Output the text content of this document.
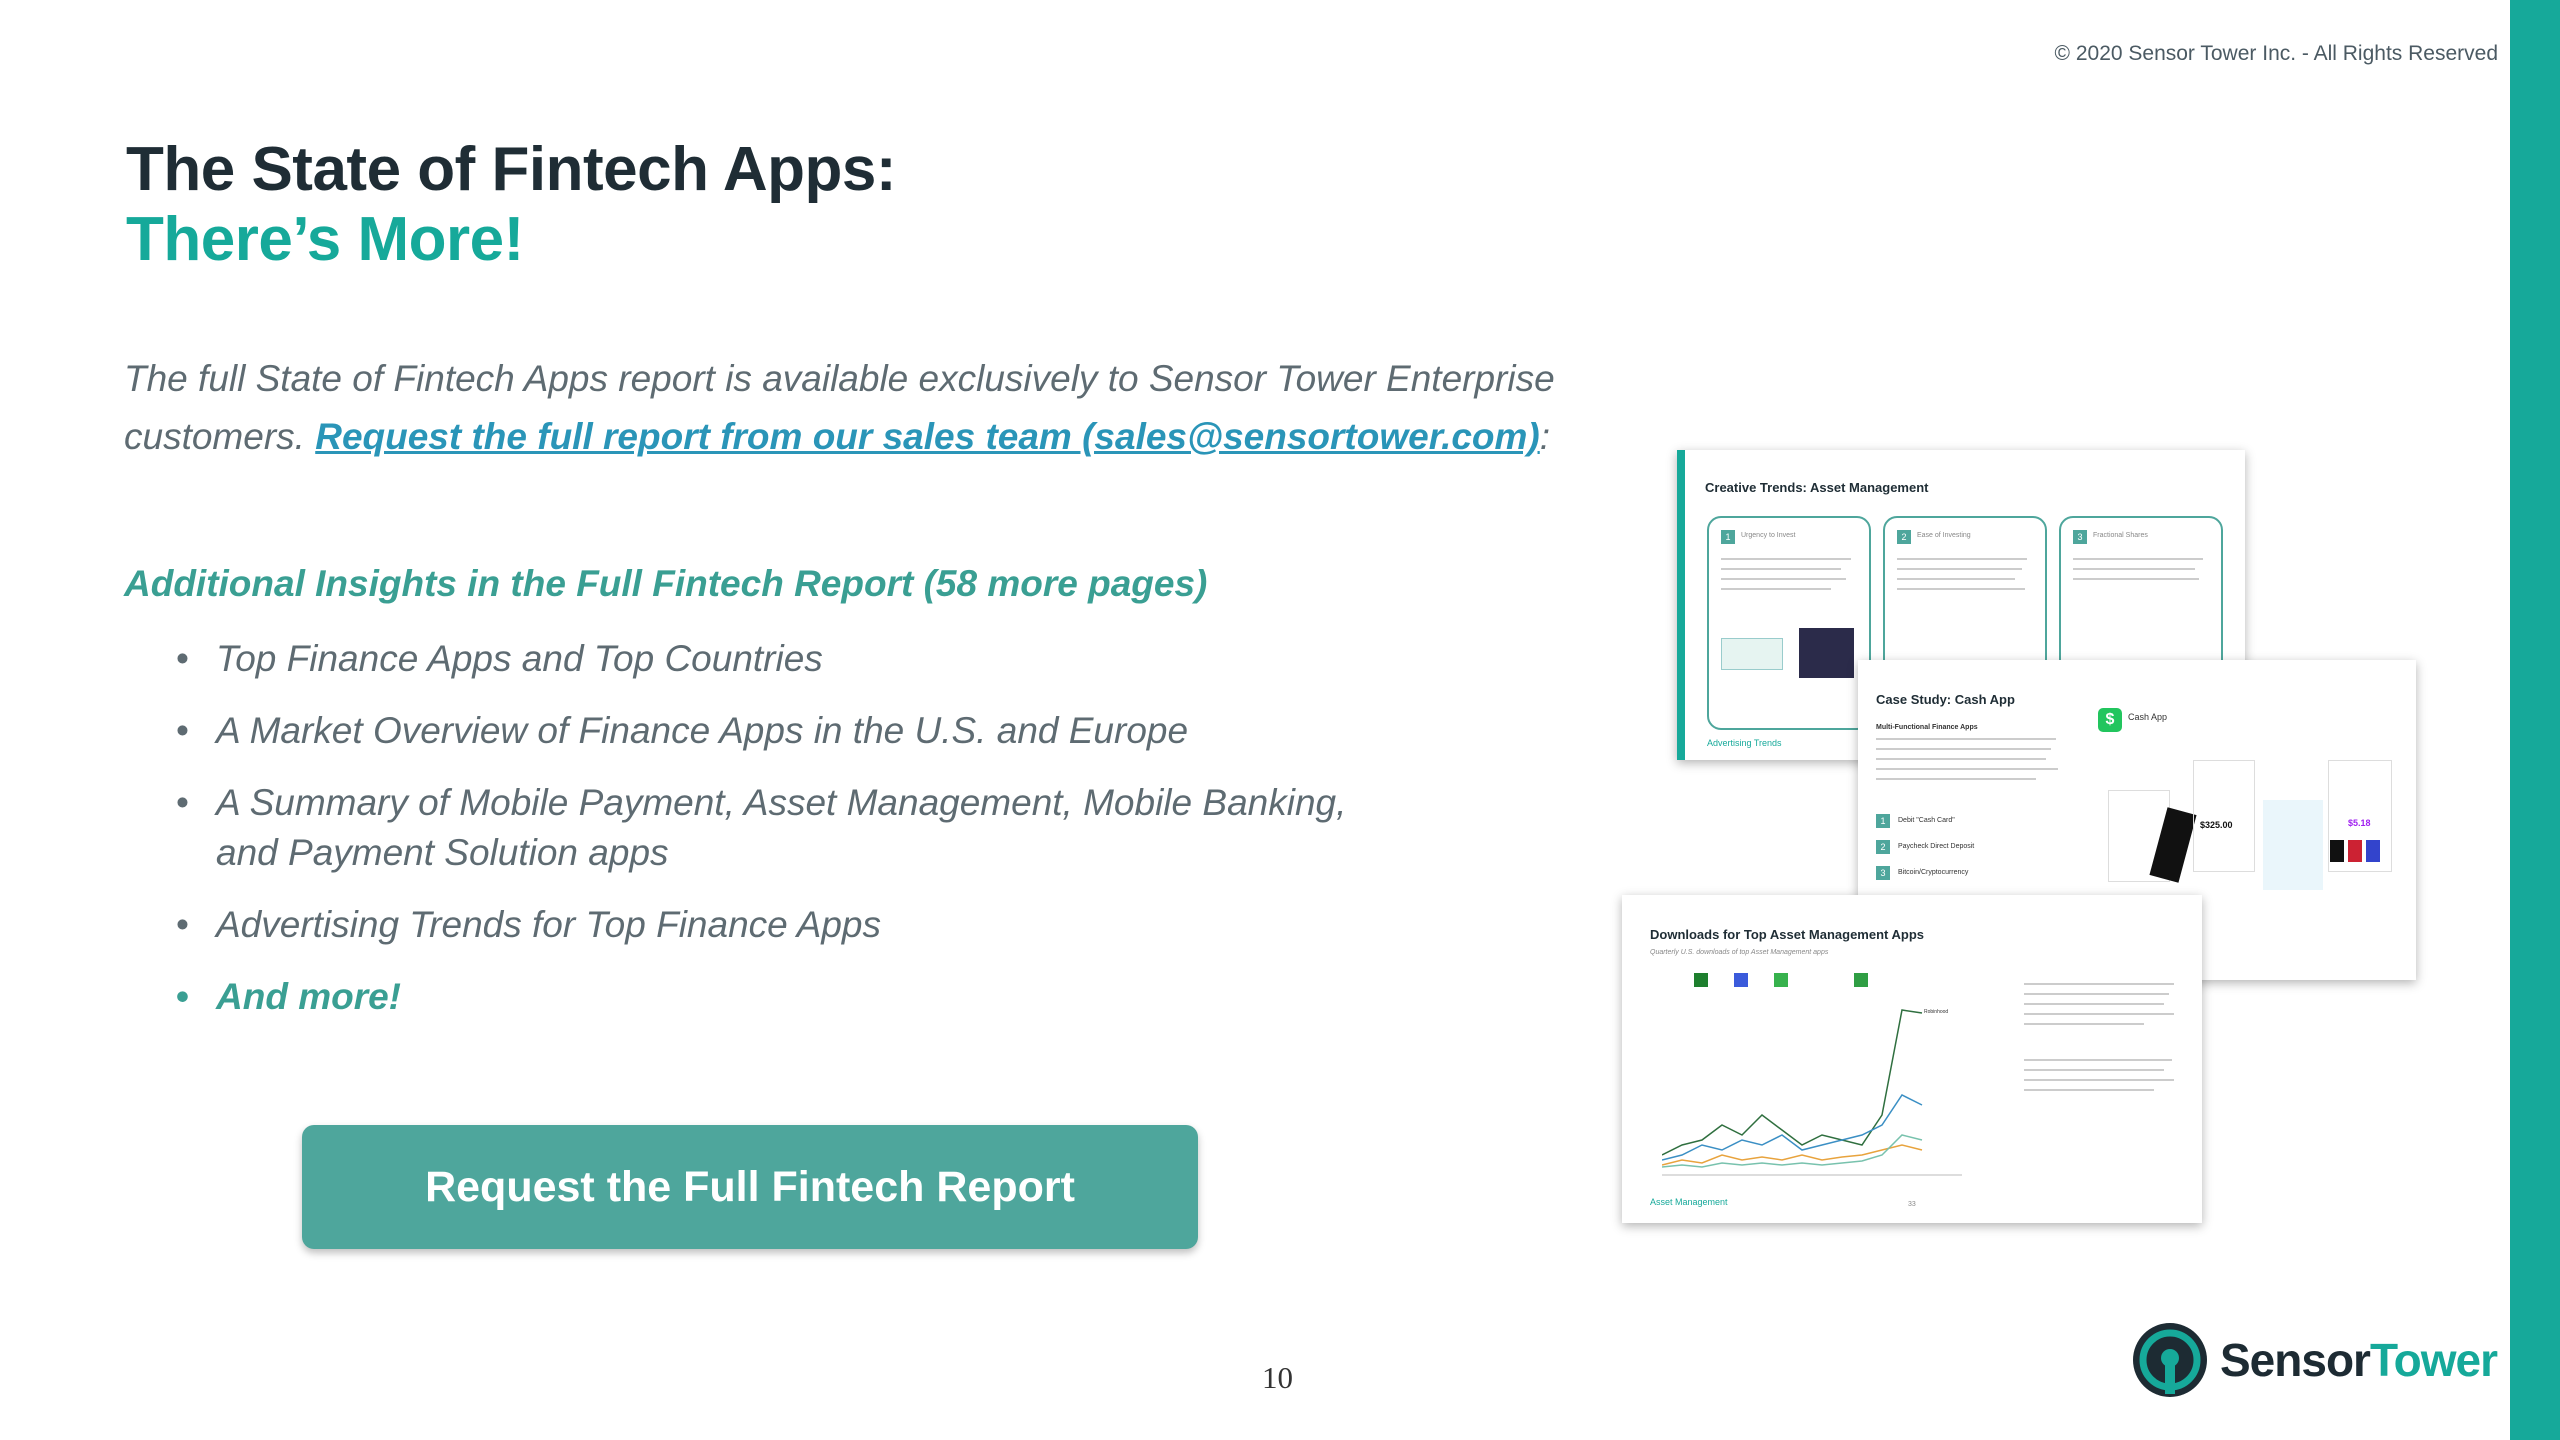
© 2020 Sensor Tower Inc. - All Rights Reserved
The State of Fintech Apps:
There’s More!
The full State of Fintech Apps report is available exclusively to Sensor Tower Enterprise customers. Request the full report from our sales team (sales@sensortower.com):
Additional Insights in the Full Fintech Report (58 more pages)
• Top Finance Apps and Top Countries
• A Market Overview of Finance Apps in the U.S. and Europe
• A Summary of Mobile Payment, Asset Management, Mobile Banking, and Payment Solution apps
• Advertising Trends for Top Finance Apps
• And more!
Request the Full Fintech Report
Creative Trends: Asset Management
1	Urgency to Invest	2	Ease of Investing	3	Fractional Shares
Advertising Trends
Case Study: Cash App
Multi-Functional Finance Apps
1	Debit "Cash Card"
2	Paycheck Direct Deposit
3	Bitcoin/Cryptocurrency
$	Cash App
$325.00	$5.18
Downloads for Top Asset Management Apps
Quarterly U.S. downloads of top Asset Management apps
Robinhood
Asset Management	33
10	SensorTower
